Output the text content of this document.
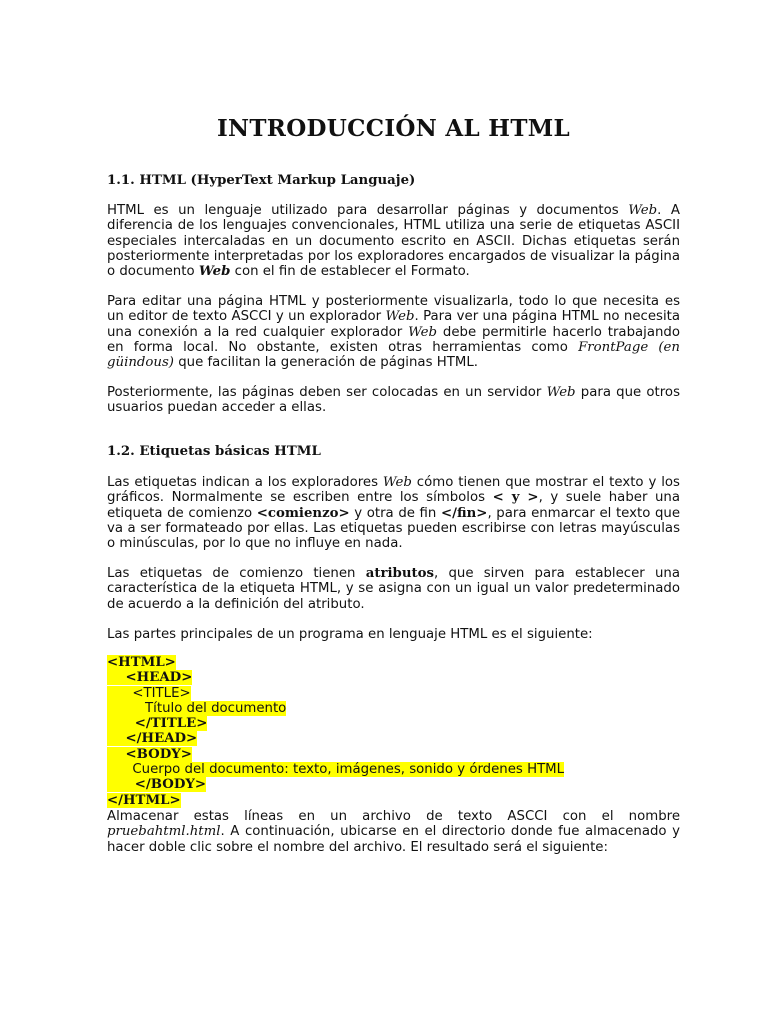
INTRODUCCIÓN AL HTML
1.1. HTML (HyperText Markup Languaje)

HTML es un lenguaje utilizado para desarrollar páginas y documentos Web. A diferencia de los lenguajes convencionales, HTML utiliza una serie de etiquetas ASCII especiales intercaladas en un documento escrito en ASCII. Dichas etiquetas serán posteriormente interpretadas por los exploradores encargados de visualizar la página o documento Web con el fin de establecer el Formato.

Para editar una página HTML y posteriormente visualizarla, todo lo que necesita es un editor de texto ASCCI y un explorador Web. Para ver una página HTML no necesita una conexión a la red cualquier explorador Web debe permitirle hacerlo trabajando en forma local. No obstante, existen otras herramientas como FrontPage (en güindous) que facilitan la generación de páginas HTML.

Posteriormente, las páginas deben ser colocadas en un servidor Web para que otros usuarios puedan acceder a ellas.

1.2. Etiquetas básicas HTML

Las etiquetas indican a los exploradores Web cómo tienen que mostrar el texto y los gráficos. Normalmente se escriben entre los símbolos < y >, y suele haber una etiqueta de comienzo <comienzo> y otra de fin </fin>, para enmarcar el texto que va a ser formateado por ellas. Las etiquetas pueden escribirse con letras mayúsculas o minúsculas, por lo que no influye en nada.

Las etiquetas de comienzo tienen atributos, que sirven para establecer una característica de la etiqueta HTML, y se asigna con un igual un valor predeterminado de acuerdo a la definición del atributo.

Las partes principales de un programa en lenguaje HTML es el siguiente:

<HTML>
<HEAD>
<TITLE>
Título del documento
</TITLE>
</HEAD>
<BODY>
Cuerpo del documento: texto, imágenes, sonido y órdenes HTML
</BODY>
</HTML>

Almacenar estas líneas en un archivo de texto ASCCI con el nombre pruebahtml.html. A continuación, ubicarse en el directorio donde fue almacenado y hacer doble clic sobre el nombre del archivo. El resultado será el siguiente:
